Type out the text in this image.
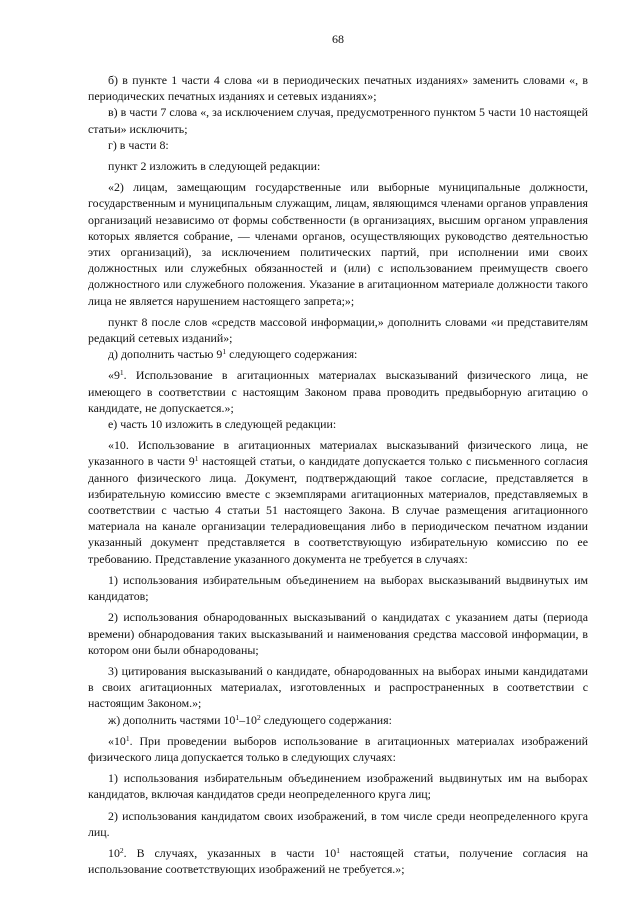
68

б) в пункте 1 части 4 слова «и в периодических печатных изданиях» заменить словами «, в периодических печатных изданиях и сетевых изданиях»;

в) в части 7 слова «, за исключением случая, предусмотренного пунктом 5 части 10 настоящей статьи» исключить;

г) в части 8:

пункт 2 изложить в следующей редакции:

«2) лицам, замещающим государственные или выборные муниципальные должности, государственным и муниципальным служащим, лицам, являющимся членами органов управления организаций независимо от формы собственности (в организациях, высшим органом управления которых является собрание, — членами органов, осуществляющих руководство деятельностью этих организаций), за исключением политических партий, при исполнении ими своих должностных или служебных обязанностей и (или) с использованием преимуществ своего должностного или служебного положения. Указание в агитационном материале должности такого лица не является нарушением настоящего запрета;»;

пункт 8 после слов «средств массовой информации,» дополнить словами «и представителям редакций сетевых изданий»;

д) дополнить частью $9^1$ следующего содержания:

«$9^1$. Использование в агитационных материалах высказываний физического лица, не имеющего в соответствии с настоящим Законом права проводить предвыборную агитацию о кандидате, не допускается.»;

е) часть 10 изложить в следующей редакции:

«10. Использование в агитационных материалах высказываний физического лица, не указанного в части $9^1$ настоящей статьи, о кандидате допускается только с письменного согласия данного физического лица. Документ, подтверждающий такое согласие, представляется в избирательную комиссию вместе с экземплярами агитационных материалов, представляемых в соответствии с частью 4 статьи 51 настоящего Закона. В случае размещения агитационного материала на канале организации телерадиовещания либо в периодическом печатном издании указанный документ представляется в соответствующую избирательную комиссию по ее требованию. Представление указанного документа не требуется в случаях:

1) использования избирательным объединением на выборах высказываний выдвинутых им кандидатов;

2) использования обнародованных высказываний о кандидатах с указанием даты (периода времени) обнародования таких высказываний и наименования средства массовой информации, в котором они были обнародованы;

3) цитирования высказываний о кандидате, обнародованных на выборах иными кандидатами в своих агитационных материалах, изготовленных и распространенных в соответствии с настоящим Законом.»;

ж) дополнить частями $10^1-10^2$ следующего содержания:

«$10^1$. При проведении выборов использование в агитационных материалах изображений физического лица допускается только в следующих случаях:

1) использования избирательным объединением изображений выдвинутых им на выборах кандидатов, включая кандидатов среди неопределенного круга лиц;

2) использования кандидатом своих изображений, в том числе среди неопределенного круга лиц.

$10^2$. В случаях, указанных в части $10^1$ настоящей статьи, получение согласия на использование соответствующих изображений не требуется.»;
